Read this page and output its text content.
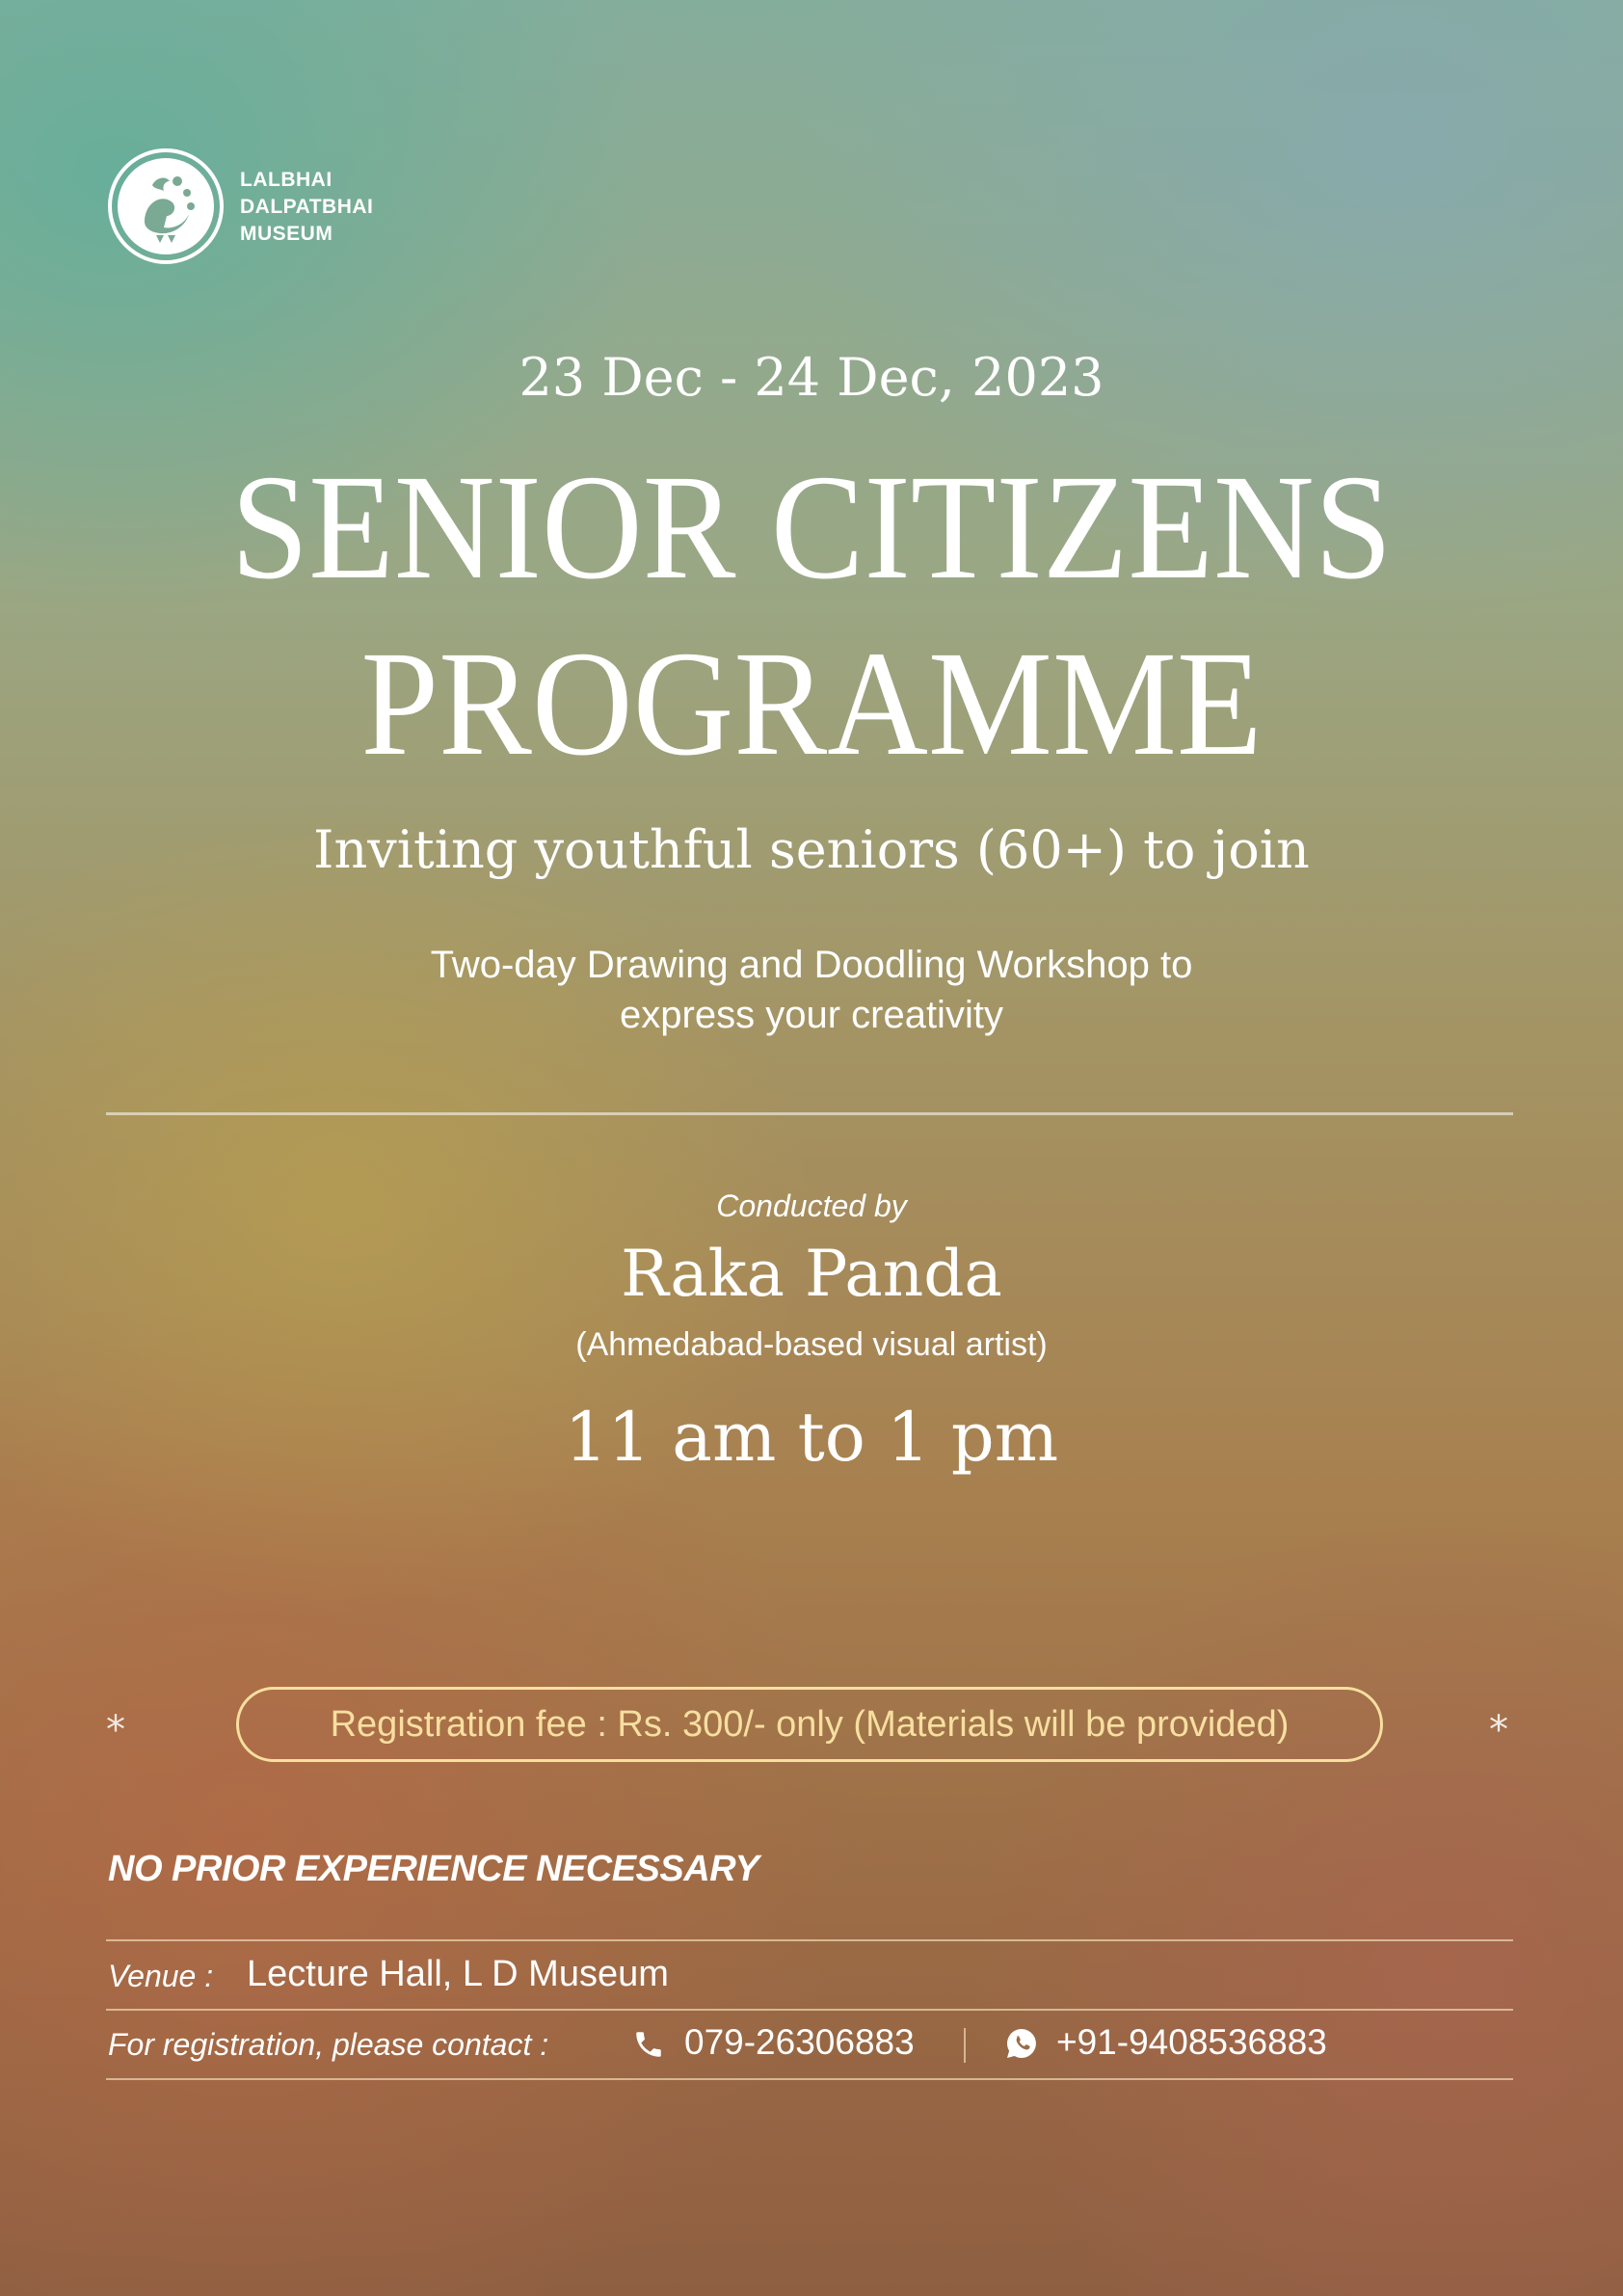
LALBHAI
DALPATBHAI
MUSEUM
23 Dec - 24 Dec, 2023
SENIOR CITIZENS
PROGRAMME
Inviting youthful seniors (60+) to join
Two-day Drawing and Doodling Workshop to
express your creativity
Conducted by
Raka Panda
(Ahmedabad-based visual artist)
11 am to 1 pm
*	Registration fee : Rs. 300/- only (Materials will be provided)	*
NO PRIOR EXPERIENCE NECESSARY
Venue : Lecture Hall, L D Museum
For registration, please contact :	079-26306883	+91-9408536883
